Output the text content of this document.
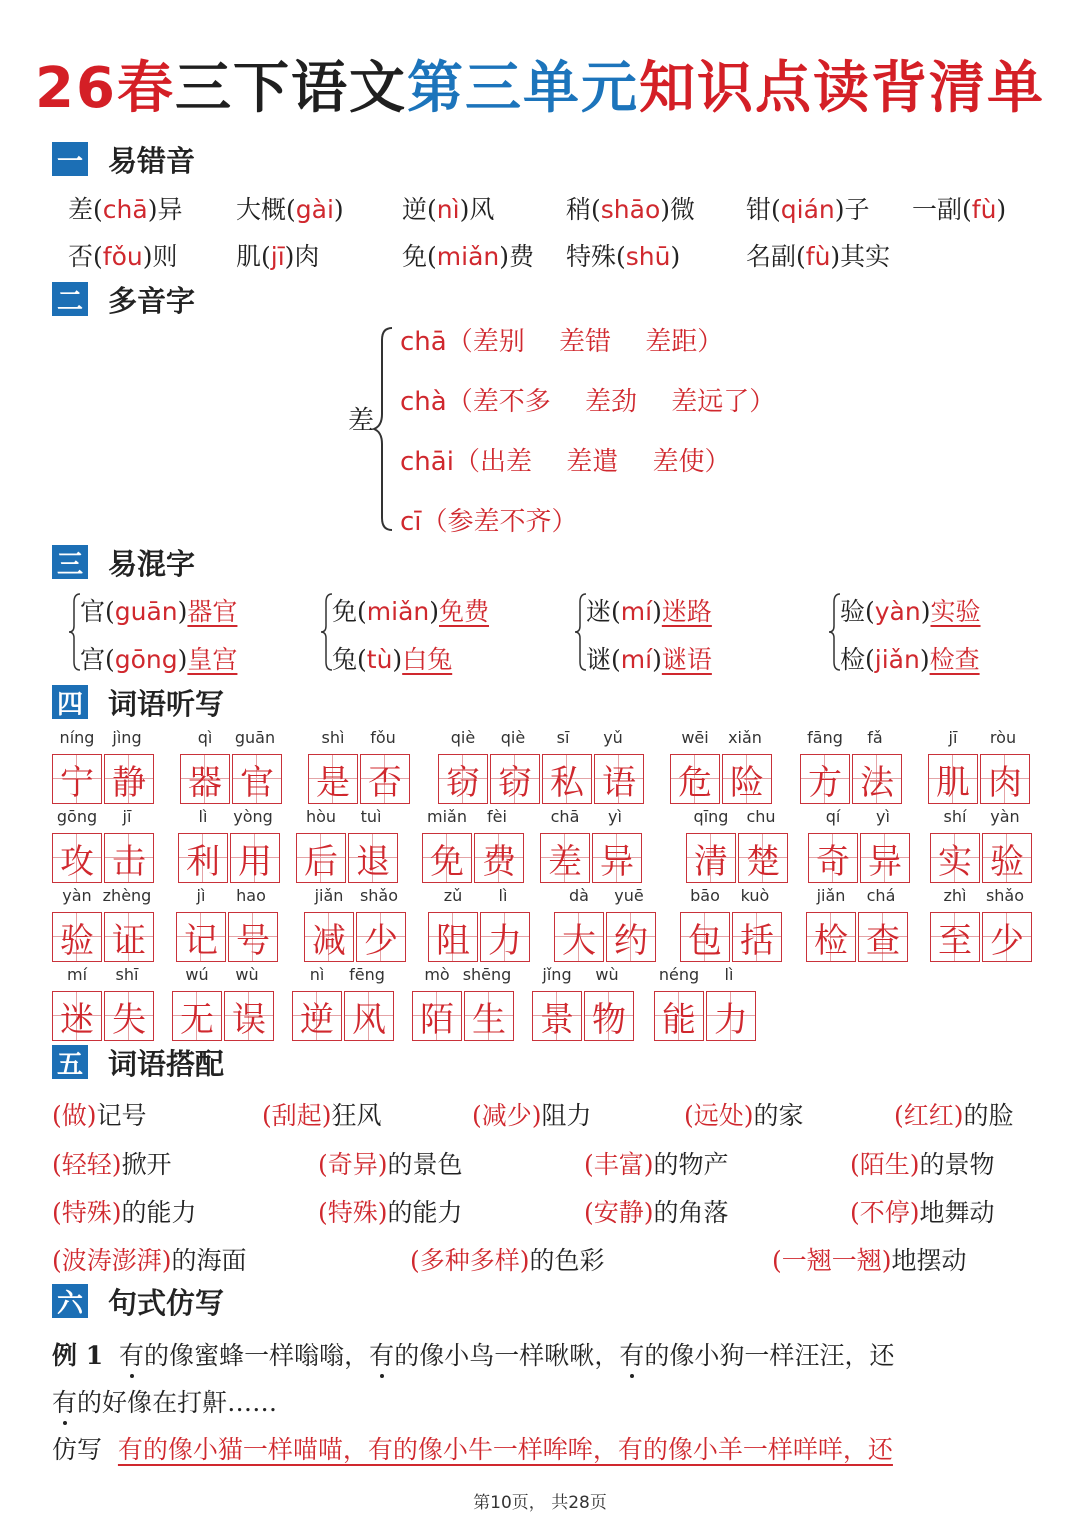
26春三下语文第三单元知识点读背清单
一 易错音
差(chā)异 大概(gài) 逆(nì)风	稍(shāo)微 钳(qián)子 一副(fù)
否(fǒu)则 肌(jī)肉	免(miǎn)费 特殊(shū)	名副(fù)其实
二 多音字
差
chā（差别　 差错　 差距）
chà（差不多　 差劲　 差远了）
chāi（出差　 差遣　 差使）
cī（参差不齐）
三 易混字
官(guān)器官
宫(gōng)皇宫
免(miǎn)免费
兔(tù)白兔
迷(mí)迷路
谜(mí)谜语
验(yàn)实验
检(jiǎn)检查
四 词语听写
níng	jìng
宁 静
qì	guān
器 官
shì	fǒu
是 否
qiè	qiè	sī	yǔ
窃 窃 私 语
wēi	xiǎn
危 险
fāng	fǎ
方 法
jī	ròu
肌 肉
gōng	jī
攻 击
lì	yòng
利 用
hòu	tuì
后 退
miǎn	fèi
免 费
chā	yì
差 异
qīng	chu
清 楚
qí	yì
奇 异
shí	yàn
实 验
yàn zhèng
验 证
jì	hao
记 号
jiǎn	shǎo
减 少
zǔ	lì
阻 力
dà	yuē
大 约
bāo	kuò
包 括
jiǎn	chá
检 查
zhì	shǎo
至 少
mí	shī
迷 失
wú	wù
无 误
nì	fēng
逆 风
mò shēng
陌 生
jǐng	wù
景 物
néng	lì
能 力
五 词语搭配
(做)记号	(刮起)狂风	(减少)阻力	(远处)的家	(红红)的脸
(轻轻)掀开	(奇异)的景色	(丰富)的物产	(陌生)的景物
(特殊)的能力	(特殊)的能力	(安静)的角落	(不停)地舞动
(波涛澎湃)的海面	(多种多样)的色彩	(一翘一翘)地摆动
六 句式仿写
例 1 有的像蜜蜂一样嗡嗡，有的像小鸟一样啾啾，有的像小狗一样汪汪，还
有的好像在打鼾……
仿写 有的像小猫一样喵喵，有的像小牛一样哞哞，有的像小羊一样咩咩，还
第10页， 共28页
